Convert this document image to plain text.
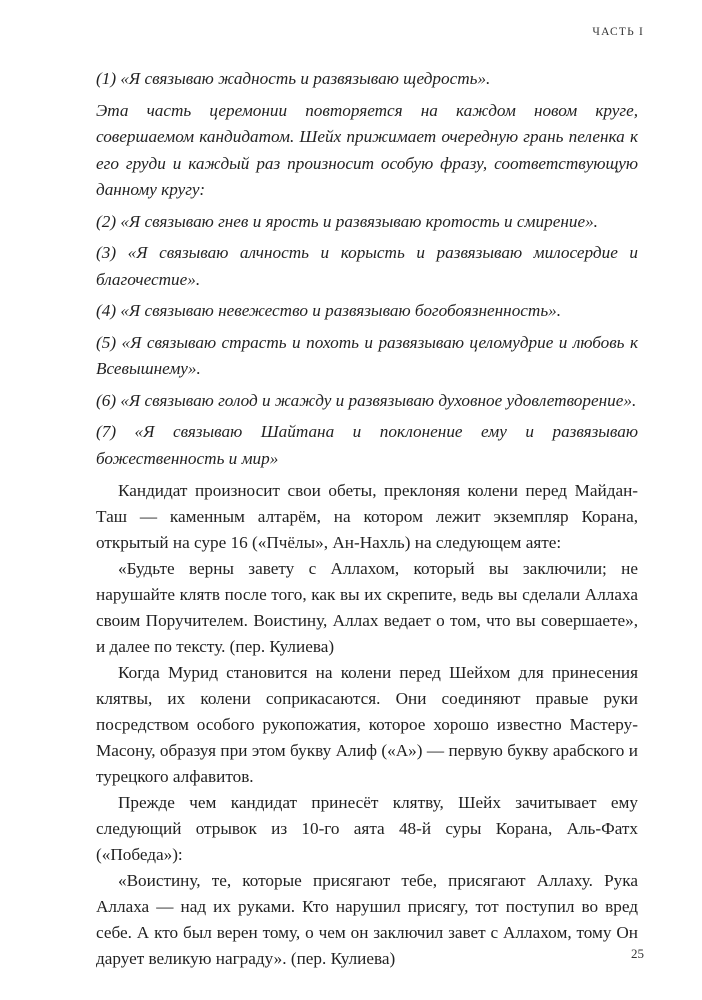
ЧАСТЬ I

(1) «Я связываю жадность и развязываю щедрость».

Эта часть церемонии повторяется на каждом новом круге, совершаемом кандидатом. Шейх прижимает очередную грань пеленка к его груди и каждый раз произносит особую фразу, соответствующую данному кругу:

(2) «Я связываю гнев и ярость и развязываю кротость и смирение».

(3) «Я связываю алчность и корысть и развязываю милосердие и благочестие».

(4) «Я связываю невежество и развязываю богобоязненность».

(5) «Я связываю страсть и похоть и развязываю целомудрие и любовь к Всевышнему».

(6) «Я связываю голод и жажду и развязываю духовное удовлетворение».

(7) «Я связываю Шайтана и поклонение ему и развязываю божественность и мир»

Кандидат произносит свои обеты, преклоняя колени перед Майдан-Таш — каменным алтарём, на котором лежит экземпляр Корана, открытый на суре 16 («Пчёлы», Ан-Нахль) на следующем аяте:

«Будьте верны завету с Аллахом, который вы заключили; не нарушайте клятв после того, как вы их скрепите, ведь вы сделали Аллаха своим Поручителем. Воистину, Аллах ведает о том, что вы совершаете», и далее по тексту. (пер. Кулиева)

Когда Мурид становится на колени перед Шейхом для принесения клятвы, их колени соприкасаются. Они соединяют правые руки посредством особого рукопожатия, которое хорошо известно Мастеру-Масону, образуя при этом букву Алиф («А») — первую букву арабского и турецкого алфавитов.

Прежде чем кандидат принесёт клятву, Шейх зачитывает ему следующий отрывок из 10-го аята 48-й суры Корана, Аль-Фатх («Победа»):

«Воистину, те, которые присягают тебе, присягают Аллаху. Рука Аллаха — над их руками. Кто нарушил присягу, тот поступил во вред себе. А кто был верен тому, о чем он заключил завет с Аллахом, тому Он дарует великую награду». (пер. Кулиева)	25
